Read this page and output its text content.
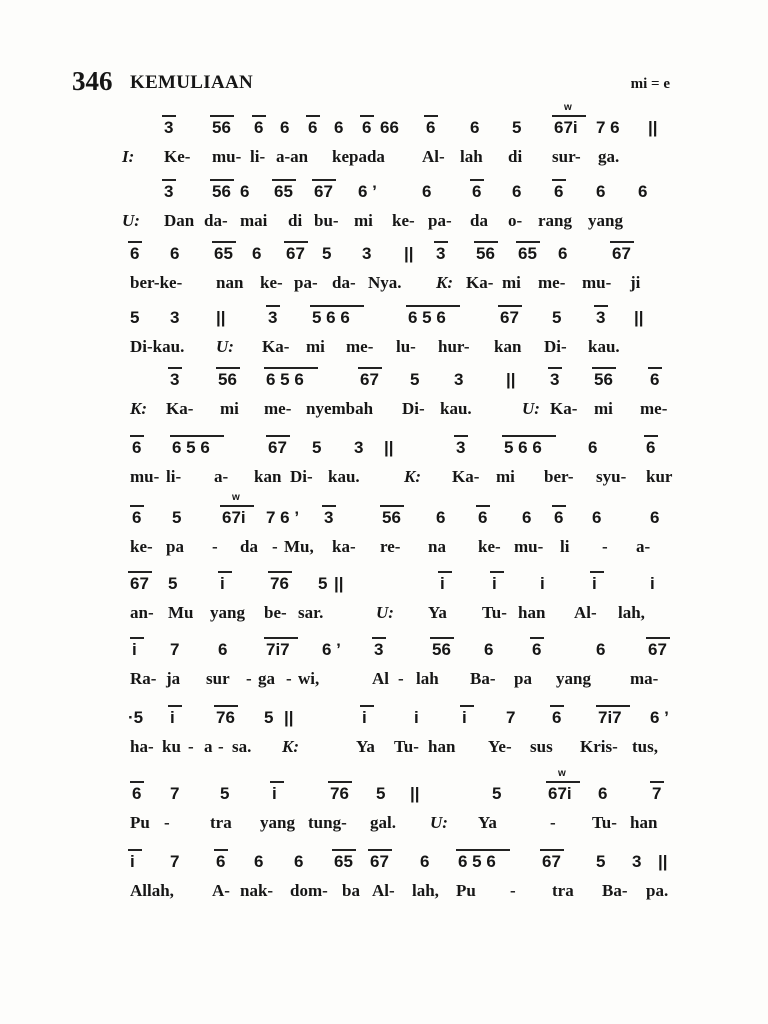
346 KEMULIAAN	mi = e
3 56 6 6 6 6 6 66 6 6 5 67i
w
7 6 ||
I: Ke- mu- li- a-an kepada Al- lah di sur- ga.
3 56 6 65 67 6 ’	6 6 6 6 6 6
U: Dan da- mai di bu- mi ke- pa- da o- rang yang
6 6 65 6 67 5 3 || 3 56 65 6	67
ber-ke- nan ke- pa- da- Nya. K: Ka- mi me- mu- ji
5 3 || 3 5 6 6	6 5 6	67 5 3 ||
Di-kau. U: Ka- mi me- lu- hur- kan Di- kau.
3 56 6 5 6	67 5 3	|| 3 56 6
K: Ka- mi me- nyembah Di- kau.	U: Ka- mi me-
6 6 5 6	67 5 3 ||	3 5 6 6	6	6
mu- li- a- kan Di- kau.	K: Ka- mi ber- syu- kur
6 5 67i
w
7 6 ’ 3	56 6 6 6 6 6	6
ke- pa - da - Mu, ka- re- na ke- mu- li - a-
67 5	i	76 5 ||	i	i	i	i	i
an- Mu yang be- sar.	U: Ya Tu- han Al- lah,
i 7 6 7i7 6 ’ 3	56 6 6	6	67
Ra- ja sur - ga - wi,	Al - lah Ba- pa yang ma-
·5 i 76 5 ||	i	i	i 7 6 7i7 6 ’
ha- ku - a - sa. K:	Ya Tu- han Ye- sus Kris- tus,
6 7 5	i	76 5 ||	5	67i
w
6	7
Pu - tra yang tung- gal. U: Ya	- Tu- han
i 7 6 6 6 65 67 6 6 5 6	67 5 3 ||
Allah, A- nak- dom- ba Al- lah, Pu - tra Ba- pa.
